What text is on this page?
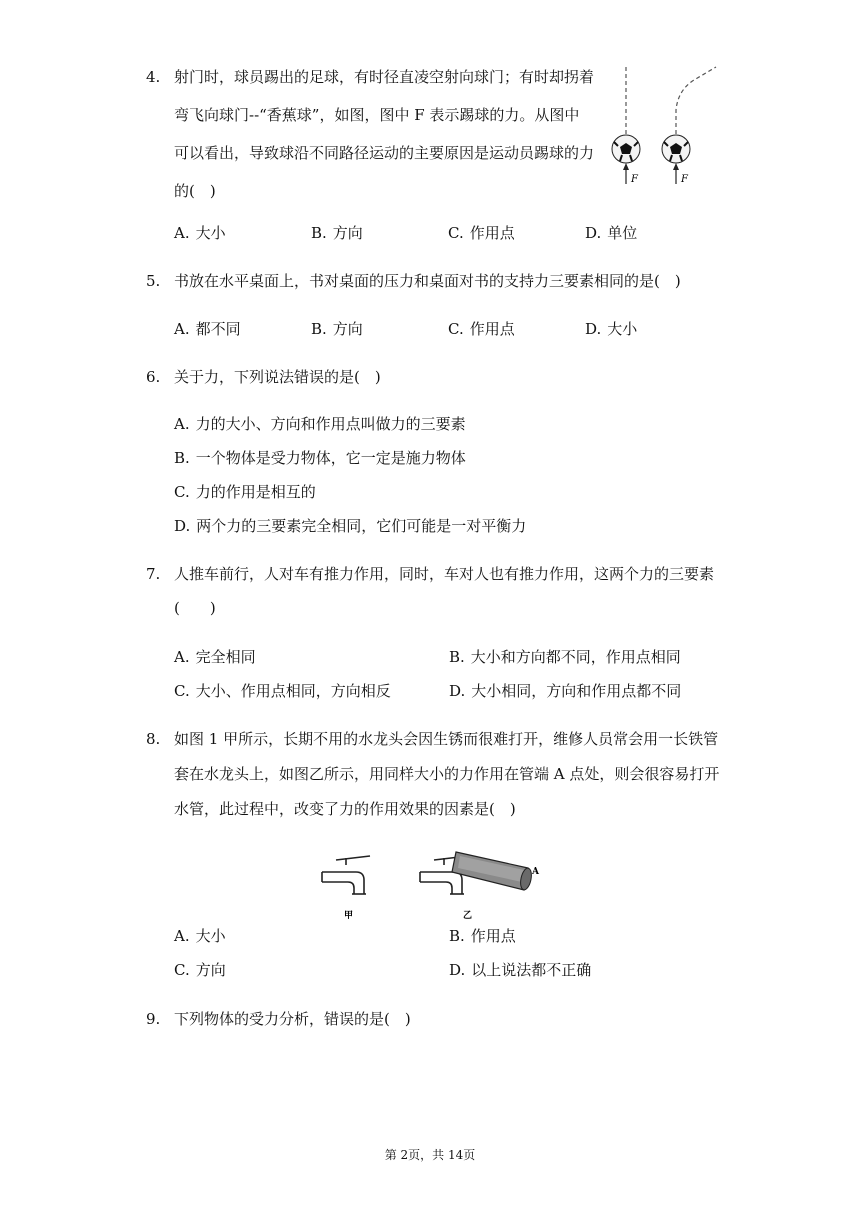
4. 射门时，球员踢出的足球，有时径直凌空射向球门；有时却拐着
弯飞向球门--“香蕉球”，如图，图中 F 表示踢球的力。从图中
可以看出，导致球沿不同路径运动的主要原因是运动员踢球的力
的(　)
F	F
A. 大小	B. 方向	C. 作用点	D. 单位
5. 书放在水平桌面上，书对桌面的压力和桌面对书的支持力三要素相同的是(　)
A. 都不同	B. 方向	C. 作用点	D. 大小
6. 关于力，下列说法错误的是(　)
A. 力的大小、方向和作用点叫做力的三要素
B. 一个物体是受力物体，它一定是施力物体
C. 力的作用是相互的
D. 两个力的三要素完全相同，它们可能是一对平衡力
7. 人推车前行，人对车有推力作用，同时，车对人也有推力作用，这两个力的三要素
(　　)
A. 完全相同	B. 大小和方向都不同，作用点相同
C. 大小、作用点相同，方向相反	D. 大小相同，方向和作用点都不同
8. 如图 1 甲所示，长期不用的水龙头会因生锈而很难打开，维修人员常会用一长铁管
套在水龙头上，如图乙所示，用同样大小的力作用在管端 A 点处，则会很容易打开
水管，此过程中，改变了力的作用效果的因素是(　)
A
甲	乙
A. 大小	B. 作用点
C. 方向	D. 以上说法都不正确
9. 下列物体的受力分析，错误的是(　)
第 2页，共 14页
